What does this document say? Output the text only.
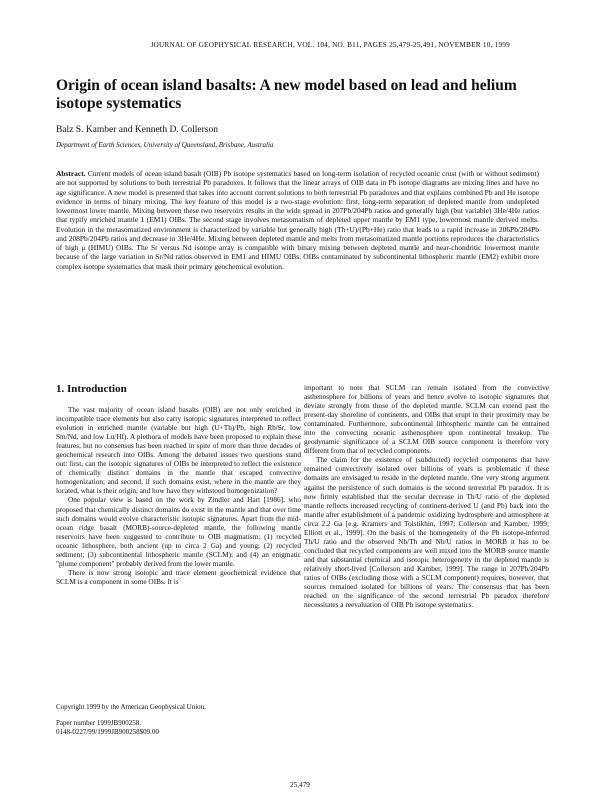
JOURNAL OF GEOPHYSICAL RESEARCH, VOL. 104, NO. B11, PAGES 25,479-25,491, NOVEMBER 10, 1999
Origin of ocean island basalts: A new model based on lead and helium isotope systematics
Balz S. Kamber and Kenneth D. Collerson
Department of Earth Sciences, University of Queensland, Brisbane, Australia
Abstract. Current models of ocean island basalt (OIB) Pb isotope systematics based on long-term isolation of recycled oceanic crust (with or without sediment) are not supported by solutions to both terrestrial Pb paradoxes. It follows that the linear arrays of OIB data in Pb isotope diagrams are mixing lines and have no age significance. A new model is presented that takes into account current solutions to both terrestrial Pb paradoxes and that explains combined Pb and He isotope evidence in terms of binary mixing. The key feature of this model is a two-stage evolution: first, long-term separation of depleted mantle from undepleted lowermost lower mantle. Mixing between these two reservoirs results in the wide spread in 207Pb/204Pb ratios and generally high (but variable) 3He/4He ratios that typify enriched mantle 1 (EM1) OIBs. The second stage involves metasomatism of depleted upper mantle by EM1 type, lowermost mantle derived melts. Evolution in the metasomatized environment is characterized by variable but generally high (Th+U)/(Pb+He) ratio that leads to a rapid increase in 206Pb/204Pb and 208Pb/204Pb ratios and decrease in 3He/4He. Mixing between depleted mantle and melts from metasomatized mantle portions reproduces the characteristics of high μ (HIMU) OIBs. The Sr versus Nd isotope array is compatible with binary mixing between depleted mantle and near-chondritic lowermost mantle because of the large variation in Sr/Nd ratios observed in EM1 and HIMU OIBs. OIBs contaminated by subcontinental lithospheric mantle (EM2) exhibit more complex isotope systematics that mask their primary geochemical evolution.
1. Introduction

The vast majority of ocean island basalts (OIB) are not only enriched in incompatible trace elements but also carry isotopic signatures interpreted to reflect evolution in enriched mantle (variable but high (U+Th)/Pb, high Rb/Sr, low Sm/Nd, and low Lu/Hf). A plethora of models have been proposed to explain these features, but no consensus has been reached in spite of more than three decades of geochemical research into OIBs. Among the debated issues two questions stand out: first, can the isotopic signatures of OIBs be interpreted to reflect the existence of chemically distinct domains in the mantle that escaped convective homogenization; and second, if such domains exist, where in the mantle are they located, what is their origin, and how have they withstood homogenization?

One popular view is based on the work by Zindler and Hart [1986], who proposed that chemically distinct domains do exist in the mantle and that over time such domains would evolve characteristic isotopic signatures. Apart from the mid-ocean ridge basalt (MORB)-source-depleted mantle, the following mantle reservoirs have been suggested to contribute to OIB magmatism: (1) recycled oceanic lithosphere, both ancient (up to circa 2 Ga) and young; (2) recycled sediment; (3) subcontinental lithospheric mantle (SCLM); and (4) an enigmatic "plume component" probably derived from the lower mantle.

There is now strong isotopic and trace element geochemical evidence that SCLM is a component in some OIBs. It is

important to note that SCLM can remain isolated from the convective asthenosphere for billions of years and hence evolve to isotopic signatures that deviate strongly from those of the depleted mantle. SCLM can extend past the present-day shoreline of continents, and OIBs that erupt in their proximity may be contaminated. Furthermore, subcontinental lithospheric mantle can be entrained into the convecting oceanic asthenosphere upon continental breakup. The geodynamic significance of a SCLM OIB source component is therefore very different from that of recycled components.

The claim for the existence of (subducted) recycled components that have remained convectively isolated over billions of years is problematic if these domains are envisaged to reside in the depleted mantle. One very strong argument against the persistence of such domains is the second terrestrial Pb paradox. It is now firmly established that the secular decrease in Th/U ratio of the depleted mantle reflects increased recycling of continent-derived U (and Pb) back into the mantle after establishment of a pandemic oxidizing hydrosphere and atmosphere at circa 2.2 Ga [e.g. Kramers and Tolstikhin, 1997; Collerson and Kamber, 1999; Elliott et al., 1999]. On the basis of the homogeneity of the Pb isotope-inferred Th/U ratio and the observed Nb/Th and Nb/U ratios in MORB it has to be concluded that recycled components are well mixed into the MORB source mantle and that substantial chemical and isotopic heterogeneity in the depleted mantle is relatively short-lived [Collerson and Kamber, 1999]. The range in 207Pb/204Pb ratios of OIBs (excluding those with a SCLM component) requires, however, that sources remained isolated for billions of years. The consensus that has been reached on the significance of the second terrestrial Pb paradox therefore necessitates a reevaluation of OIB Pb isotope systematics.

Copyright 1999 by the American Geophysical Union.
Paper number 1999JB900258.
0148-0227/99/1999JB900258$09.00
25,479
